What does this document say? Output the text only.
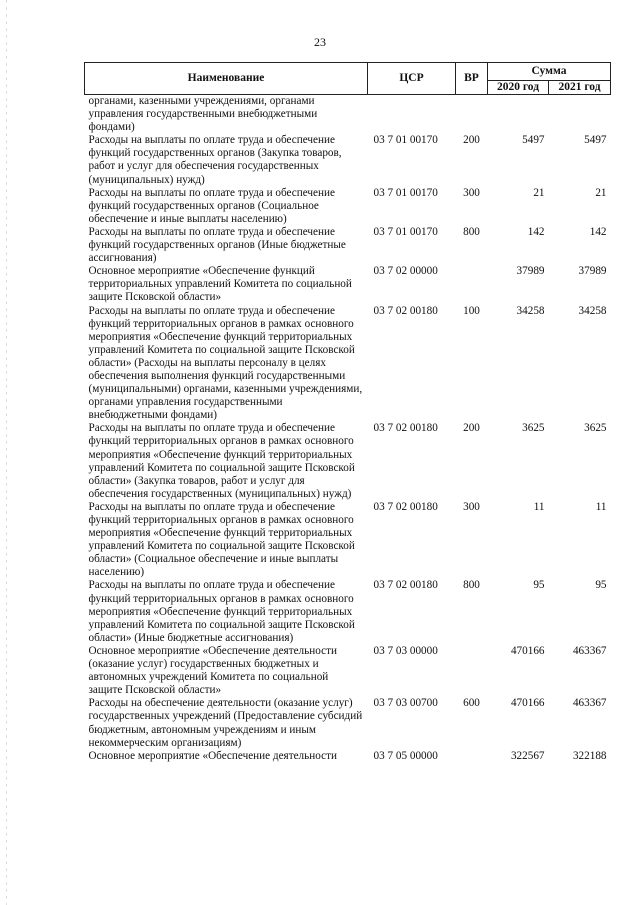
23
Наименование	ЦСР	ВР	Сумма	
			2020 год	2021 год
органами, казенными учреждениями, органами управления государственными внебюджетными фондами)				
Расходы на выплаты по оплате труда и обеспечение функций государственных органов (Закупка товаров, работ и услуг для обеспечения государственных (муниципальных) нужд)	03 7 01 00170	200	5497	5497
Расходы на выплаты по оплате труда и обеспечение функций государственных органов (Социальное обеспечение и иные выплаты населению)	03 7 01 00170	300	21	21
Расходы на выплаты по оплате труда и обеспечение функций государственных органов (Иные бюджетные ассигнования)	03 7 01 00170	800	142	142
Основное мероприятие «Обеспечение функций территориальных управлений Комитета по социальной защите Псковской области»	03 7 02 00000		37989	37989
Расходы на выплаты по оплате труда и обеспечение функций территориальных органов в рамках основного мероприятия «Обеспечение функций территориальных управлений Комитета по социальной защите Псковской области» (Расходы на выплаты персоналу в целях обеспечения выполнения функций государственными (муниципальными) органами, казенными учреждениями, органами управления государственными внебюджетными фондами)	03 7 02 00180	100	34258	34258
Расходы на выплаты по оплате труда и обеспечение функций территориальных органов в рамках основного мероприятия «Обеспечение функций территориальных управлений Комитета по социальной защите Псковской области» (Закупка товаров, работ и услуг для обеспечения государственных (муниципальных) нужд)	03 7 02 00180	200	3625	3625
Расходы на выплаты по оплате труда и обеспечение функций территориальных органов в рамках основного мероприятия «Обеспечение функций территориальных управлений Комитета по социальной защите Псковской области» (Социальное обеспечение и иные выплаты населению)	03 7 02 00180	300	11	11
Расходы на выплаты по оплате труда и обеспечение функций территориальных органов в рамках основного мероприятия «Обеспечение функций территориальных управлений Комитета по социальной защите Псковской области» (Иные бюджетные ассигнования)	03 7 02 00180	800	95	95
Основное мероприятие «Обеспечение деятельности (оказание услуг) государственных бюджетных и автономных учреждений Комитета по социальной защите Псковской области»	03 7 03 00000		470166	463367
Расходы на обеспечение деятельности (оказание услуг) государственных учреждений (Предоставление субсидий бюджетным, автономным учреждениям и иным некоммерческим организациям)	03 7 03 00700	600	470166	463367
Основное мероприятие «Обеспечение деятельности	03 7 05 00000		322567	322188
